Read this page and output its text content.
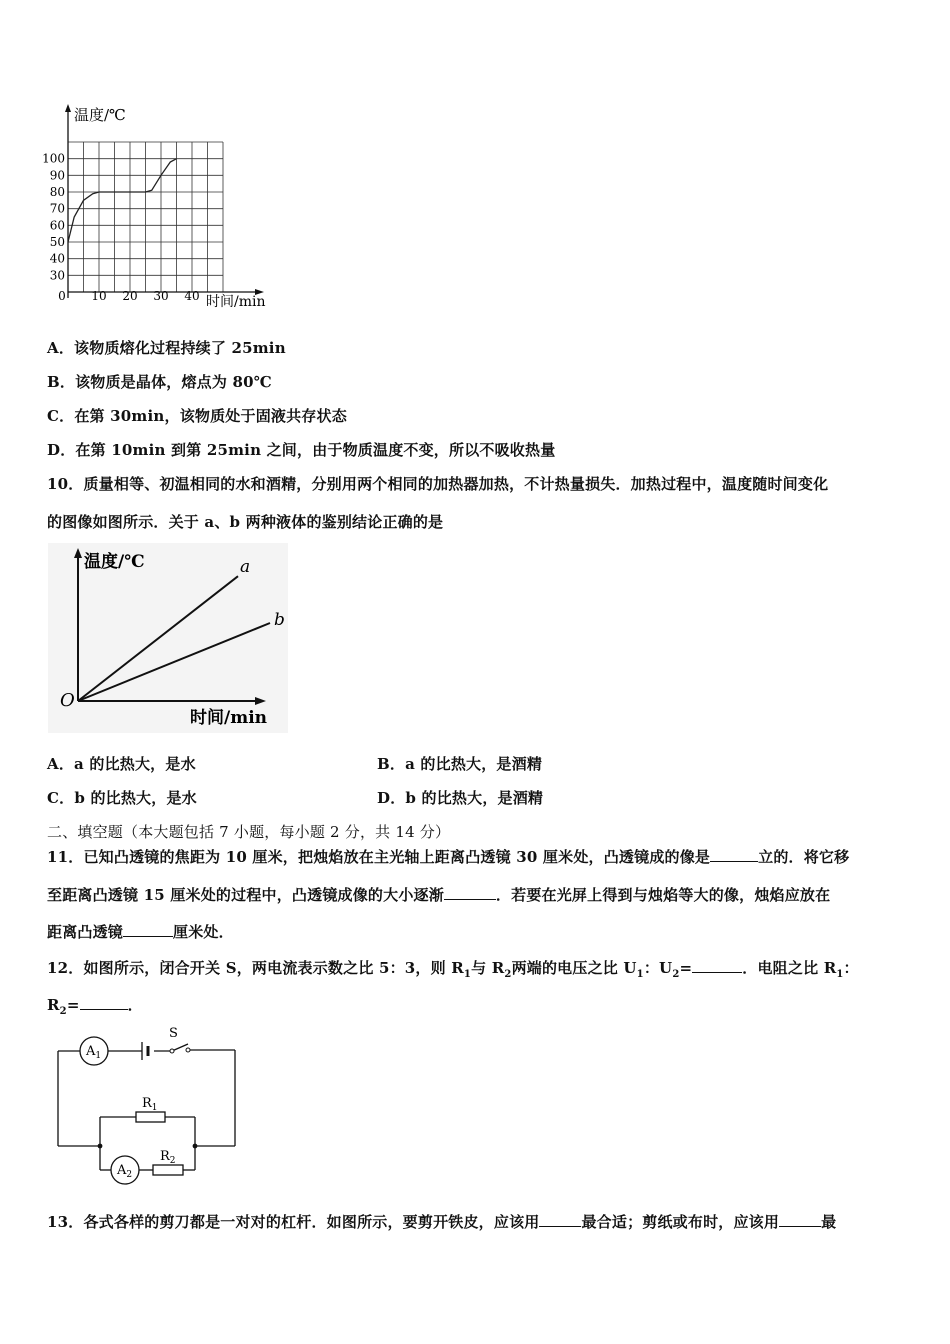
温度/℃
时间/min
30
40
50
60
70
80
90
100
0 10 20 30 40
A．该物质熔化过程持续了 25min
B．该物质是晶体，熔点为 80℃
C．在第 30min，该物质处于固液共存状态
D．在第 10min 到第 25min 之间，由于物质温度不变，所以不吸收热量
10．质量相等、初温相同的水和酒精，分别用两个相同的加热器加热，不计热量损失．加热过程中，温度随时间变化
的图像如图所示．关于 a、b 两种液体的鉴别结论正确的是
温度/℃
时间/min
O
a
b
A．a 的比热大，是水	B．a 的比热大，是酒精
C．b 的比热大，是水	D．b 的比热大，是酒精
二、填空题（本大题包括 7 小题，每小题 2 分，共 14 分）
11．已知凸透镜的焦距为 10 厘米，把烛焰放在主光轴上距离凸透镜 30 厘米处，凸透镜成的像是	立的．将它移
至距离凸透镜 15 厘米处的过程中，凸透镜成像的大小逐渐	．若要在光屏上得到与烛焰等大的像，烛焰应放在
距离凸透镜	厘米处．
12．如图所示，闭合开关 S，两电流表示数之比 5：3，则 $R_1$与 $R_2$两端的电压之比 $U_1$：$U_2=$	．电阻之比 $R_1$：
$R_2=$	．
$A_1$
$A_2$
S
$R_1$
$R_2$
13．各式各样的剪刀都是一对对的杠杆．如图所示，要剪开铁皮，应该用	最合适；剪纸或布时，应该用	最
